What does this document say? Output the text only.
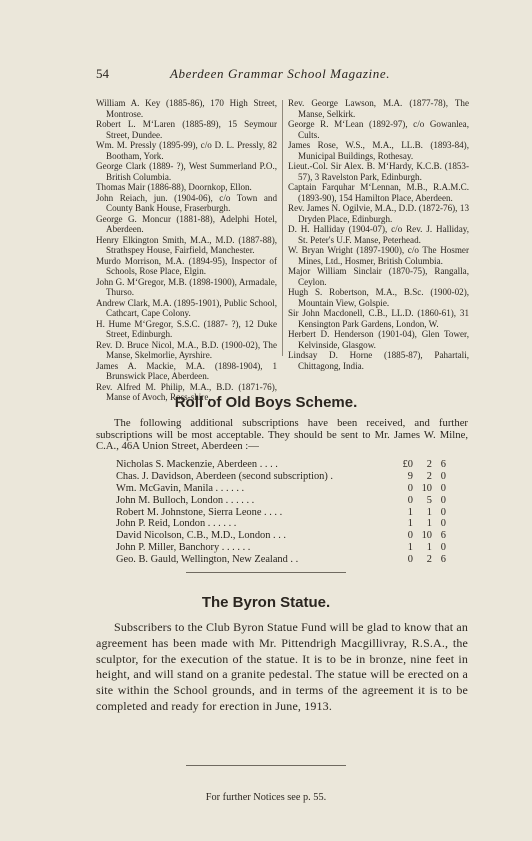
54	Aberdeen Grammar School Magazine.
William A. Key (1885-86), 170 High Street, Montrose.
Robert L. M‘Laren (1885-89), 15 Seymour Street, Dundee.
Wm. M. Pressly (1895-99), c/o D. L. Pressly, 82 Bootham, York.
George Clark (1889- ?), West Summerland P.O., British Columbia.
Thomas Mair (1886-88), Doornkop, Ellon.
John Reiach, jun. (1904-06), c/o Town and County Bank House, Fraserburgh.
George G. Moncur (1881-88), Adelphi Hotel, Aberdeen.
Henry Elkington Smith, M.A., M.D. (1887-88), Strathspey House, Fairfield, Manchester.
Murdo Morrison, M.A. (1894-95), Inspector of Schools, Rose Place, Elgin.
John G. M‘Gregor, M.B. (1898-1900), Armadale, Thurso.
Andrew Clark, M.A. (1895-1901), Public School, Cathcart, Cape Colony.
H. Hume M‘Gregor, S.S.C. (1887- ?), 12 Duke Street, Edinburgh.
Rev. D. Bruce Nicol, M.A., B.D. (1900-02), The Manse, Skelmorlie, Ayrshire.
James A. Mackie, M.A. (1898-1904), 1 Brunswick Place, Aberdeen.
Rev. Alfred M. Philip, M.A., B.D. (1871-76), Manse of Avoch, Ross-shire.
Rev. George Lawson, M.A. (1877-78), The Manse, Selkirk.
George R. M‘Lean (1892-97), c/o Gowanlea, Cults.
James Rose, W.S., M.A., LL.B. (1893-84), Municipal Buildings, Rothesay.
Lieut.-Col. Sir Alex. B. M‘Hardy, K.C.B. (1853-57), 3 Ravelston Park, Edinburgh.
Captain Farquhar M‘Lennan, M.B., R.A.M.C. (1893-90), 154 Hamilton Place, Aberdeen.
Rev. James N. Ogilvie, M.A., D.D. (1872-76), 13 Dryden Place, Edinburgh.
D. H. Halliday (1904-07), c/o Rev. J. Halliday, St. Peter's U.F. Manse, Peterhead.
W. Bryan Wright (1897-1900), c/o The Hosmer Mines, Ltd., Hosmer, British Columbia.
Major William Sinclair (1870-75), Rangalla, Ceylon.
Hugh S. Robertson, M.A., B.Sc. (1900-02), Mountain View, Golspie.
Sir John Macdonell, C.B., LL.D. (1860-61), 31 Kensington Park Gardens, London, W.
Herbert D. Henderson (1901-04), Glen Tower, Kelvinside, Glasgow.
Lindsay D. Horne (1885-87), Pahartali, Chittagong, India.
Roll of Old Boys Scheme.
The following additional subscriptions have been received, and further subscriptions will be most acceptable. They should be sent to Mr. James W. Milne, C.A., 46A Union Street, Aberdeen :—
Nicholas S. Mackenzie, Aberdeen . . . .	£0	2 6
Chas. J. Davidson, Aberdeen (second subscription) .	9	2 0
Wm. McGavin, Manila . . . . . .	0 10 0
John M. Bulloch, London . . . . . .	0	5 0
Robert M. Johnstone, Sierra Leone . . . .	1	1 0
John P. Reid, London . . . . . .	1	1 0
David Nicolson, C.B., M.D., London . . .	0 10 6
John P. Miller, Banchory . . . . . .	1	1 0
Geo. B. Gauld, Wellington, New Zealand . .	0	2 6
The Byron Statue.
Subscribers to the Club Byron Statue Fund will be glad to know that an agreement has been made with Mr. Pittendrigh Macgillivray, R.S.A., the sculptor, for the execution of the statue. It is to be in bronze, nine feet in height, and will stand on a granite pedestal. The statue will be erected on a site within the School grounds, and in terms of the agreement it is to be completed and ready for erection in June, 1913.
For further Notices see p. 55.
